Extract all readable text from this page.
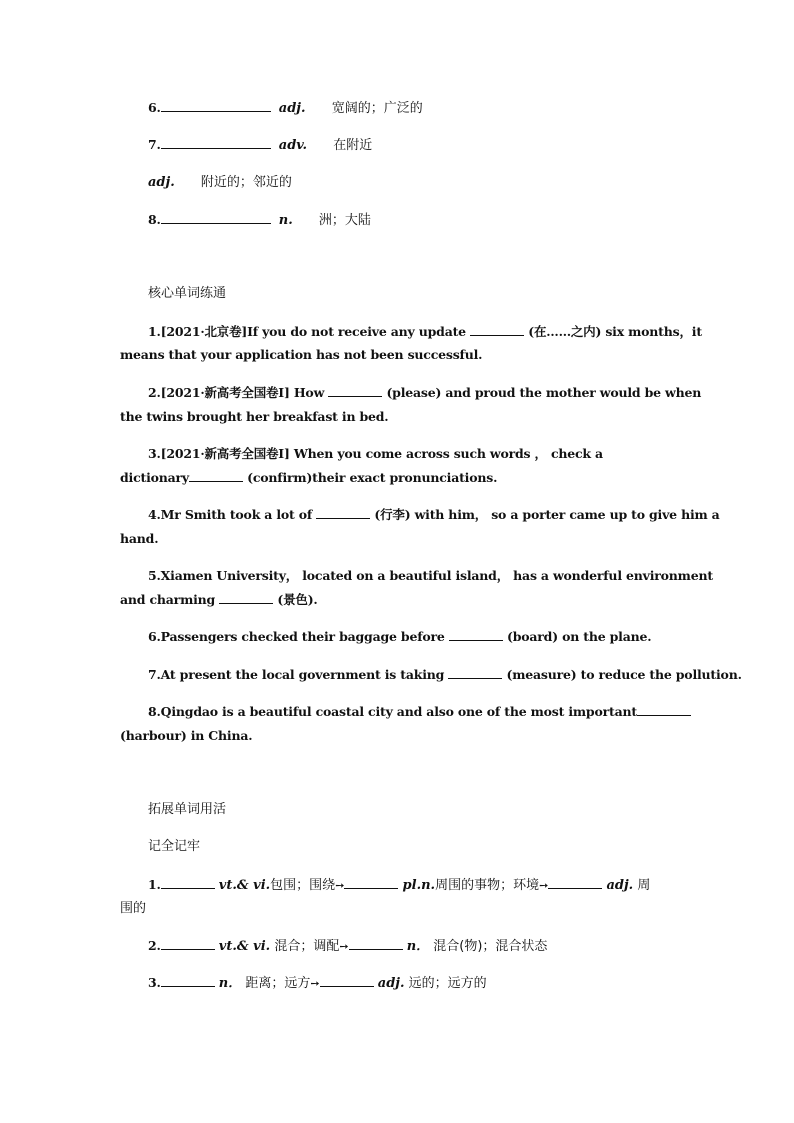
6.	adj. 宽阔的；广泛的
7.	adv. 在附近
adj. 附近的；邻近的
8.	n. 洲；大陆
核心单词练通
1.[2021·北京卷]If you do not receive any update	(在……之内) six months，it
means that your application has not been successful.
2.[2021·新高考全国卷Ⅰ] How	(please) and proud the mother would be when
the twins brought her breakfast in bed.
3.[2021·新高考全国卷Ⅰ] When you come across such words ， check a
dictionary	(confirm)their exact pronunciations.
4.Mr Smith took a lot of	(行李) with him， so a porter came up to give him a
hand.
5.Xiamen University， located on a beautiful island， has a wonderful environment
and charming	(景色).
6.Passengers checked their baggage before	(board) on the plane.
7.At present the local government is taking	(measure) to reduce the pollution.
8.Qingdao is a beautiful coastal city and also one of the most important
(harbour) in China.
拓展单词用活
记全记牢
1.	vt.& vi.包围；围绕➙	pl.n.周围的事物；环境➙	adj. 周
围的
2.	vt.& vi. 混合；调配➙	n． 混合(物)；混合状态
3.	n． 距离；远方➙	adj. 远的；远方的
